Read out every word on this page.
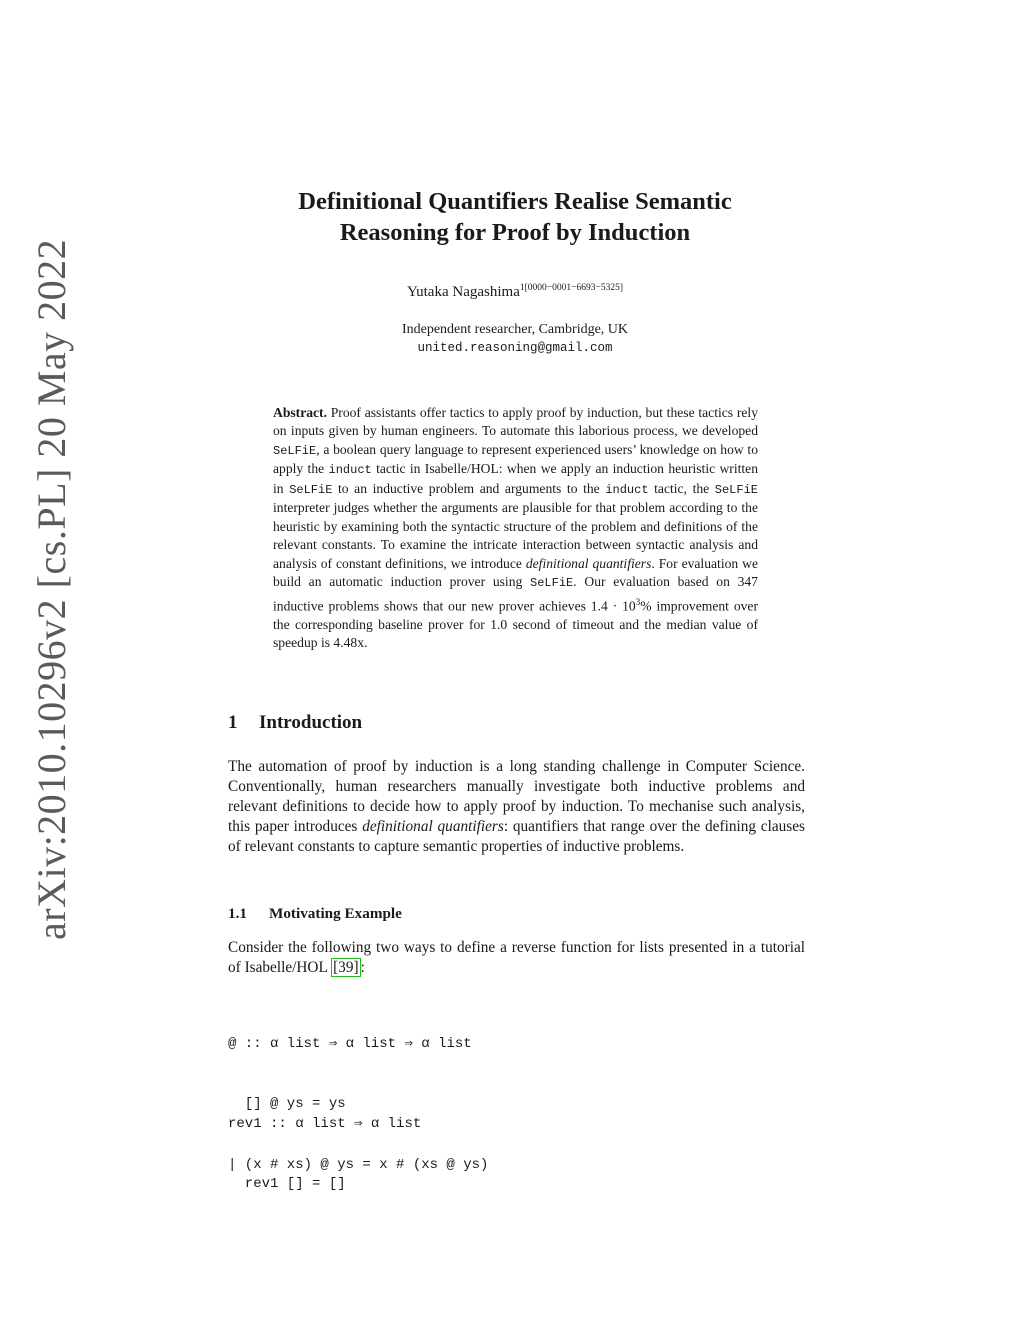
arXiv:2010.10296v2 [cs.PL] 20 May 2022
Definitional Quantifiers Realise Semantic
Reasoning for Proof by Induction
Yutaka Nagashima$^{1[0000-0001-6693-5325]}$
Independent researcher, Cambridge, UK
united.reasoning@gmail.com
Abstract. Proof assistants offer tactics to apply proof by induction, but these tactics rely on inputs given by human engineers. To automate this laborious process, we developed SeLFiE, a boolean query language to represent experienced users’ knowledge on how to apply the induct tactic in Isabelle/HOL: when we apply an induction heuristic written in SeLFiE to an inductive problem and arguments to the induct tactic, the SeLFiE interpreter judges whether the arguments are plausible for that problem according to the heuristic by examining both the syntactic structure of the problem and definitions of the relevant constants. To examine the intricate interaction between syntactic analysis and analysis of constant definitions, we introduce definitional quantifiers. For evaluation we build an automatic induction prover using SeLFiE. Our evaluation based on 347 inductive problems shows that our new prover achieves $1.4 \cdot 10^3\%$ improvement over the corresponding baseline prover for 1.0 second of timeout and the median value of speedup is 4.48x.
1 Introduction
The automation of proof by induction is a long standing challenge in Computer Science. Conventionally, human researchers manually investigate both inductive problems and relevant definitions to decide how to apply proof by induction. To mechanise such analysis, this paper introduces definitional quantifiers: quantifiers that range over the defining clauses of relevant constants to capture semantic properties of inductive problems.
1.1 Motivating Example
Consider the following two ways to define a reverse function for lists presented in a tutorial of Isabelle/HOL [39] :

@ :: α list ⇒ α list ⇒ α list

[] @ ys = ys

| (x # xs) @ ys = x # (xs @ ys)

rev1 :: α list ⇒ α list

rev1 [] = []
